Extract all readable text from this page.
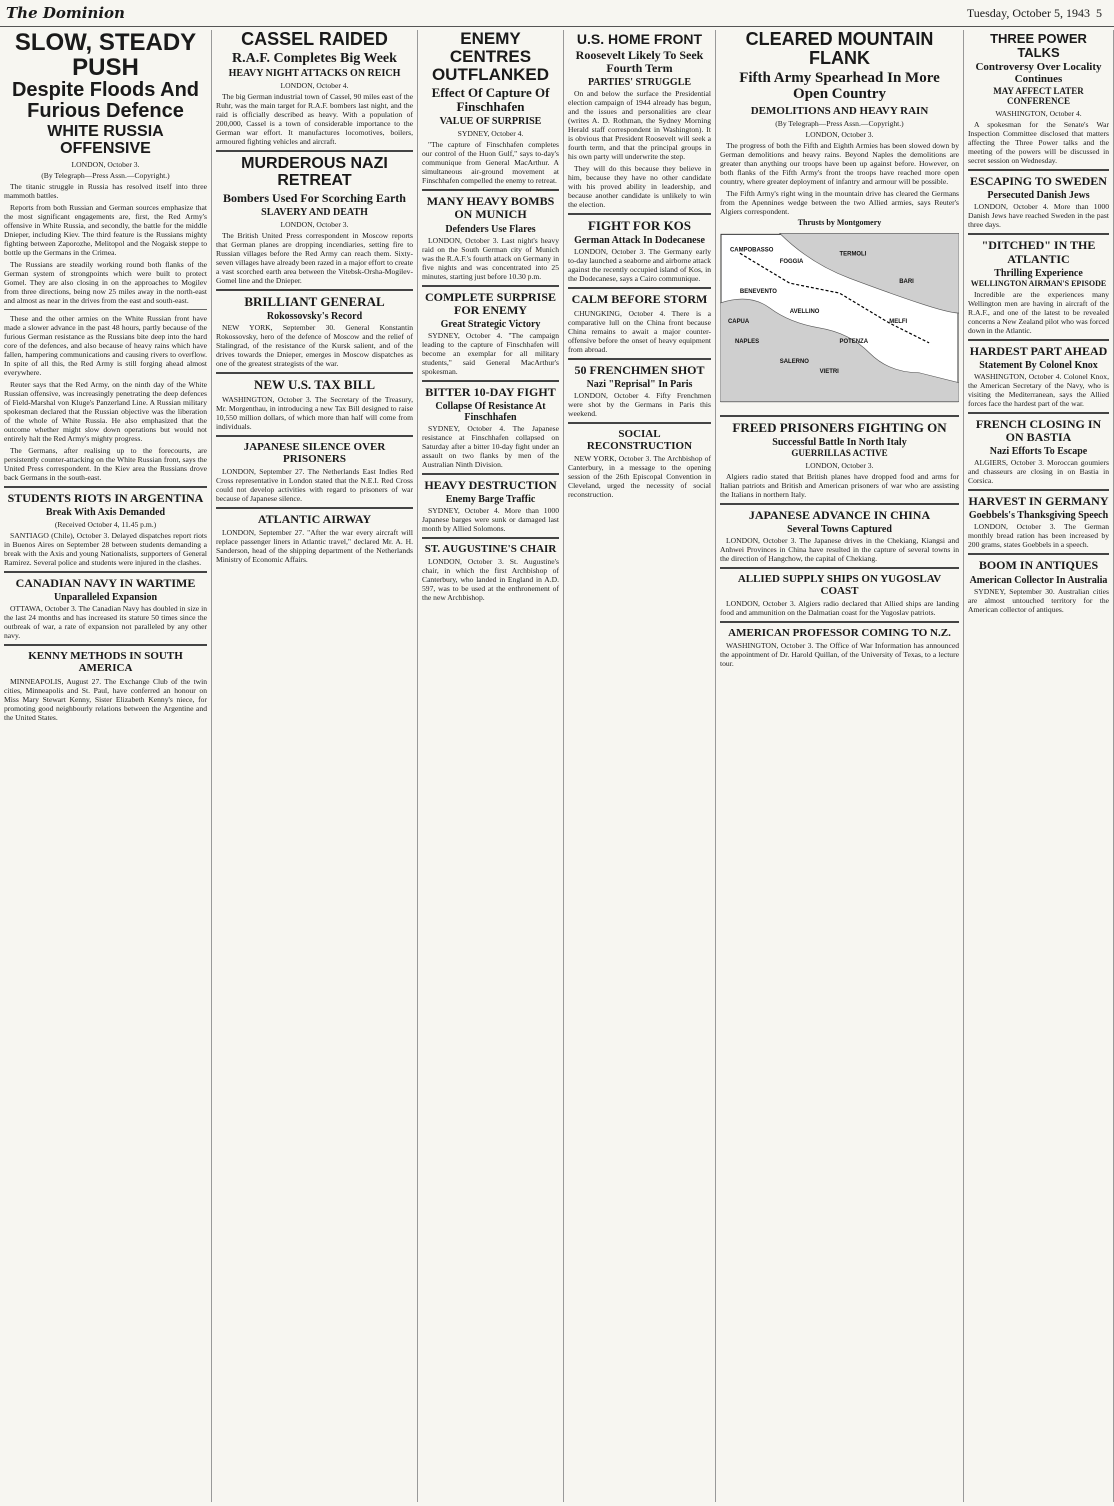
The Dominion	Tuesday, October 5, 1943 5
SLOW, STEADY PUSH
Despite Floods And Furious Defence
WHITE RUSSIA OFFENSIVE
LONDON, October 3.
(By Telegraph—Press Assn.—Copyright.)

The titanic struggle in Russia has resolved itself into three mammoth battles.

Reports from both Russian and German sources emphasize that the most significant engagements are, first, the Red Army's offensive in White Russia, and secondly, the battle for the middle Dnieper, including Kiev. The third feature is the Russians mighty fighting between Zaporozhe, Melitopol and the Nogaisk steppe to bottle up the Germans in the Crimea.

The Russians are steadily working round both flanks of the German system of strongpoints which were built to protect Gomel. They are also closing in on the approaches to Mogilev from three directions, being now 25 miles away in the north-east and almost as near in the drives from the east and south-east.

These and the other armies on the White Russian front have made a slower advance in the past 48 hours, partly because of the furious German resistance as the Russians bite deep into the hard core of the defences, and also because of heavy rains which have fallen, hampering communications and causing rivers to overflow. In spite of all this, the Red Army is still forging ahead almost everywhere.

Reuter says that the Red Army, on the ninth day of the White Russian offensive, was increasingly penetrating the deep defences of Field-Marshal von Kluge's Panzerland Line. A Russian military spokesman declared that the Russian objective was the liberation of the whole of White Russia. He also emphasized that the outcome whether might slow down operations but would not entirely halt the Red Army's mighty progress.

The Germans, after realising up to the forecourts, are persistently counter-attacking on the White Russian front, says the United Press correspondent. In the Kiev area the Russians drove back Germans in the south-east.

STUDENTS RIOTS IN ARGENTINA
Break With Axis Demanded
(Received October 4, 11.45 p.m.)

SANTIAGO (Chile), October 3. Delayed dispatches report riots in Buenos Aires on September 28 between students demanding a break with the Axis and young Nationalists, supporters of General Ramirez. Several police and students were injured in the clashes.

CANADIAN NAVY IN WARTIME
Unparalleled Expansion

OTTAWA, October 3. The Canadian Navy has doubled in size in the last 24 months and has increased its stature 50 times since the outbreak of war, a rate of expansion not paralleled by any other navy.

KENNY METHODS IN SOUTH AMERICA

MINNEAPOLIS, August 27. The Exchange Club of the twin cities, Minneapolis and St. Paul, have conferred an honour on Miss Mary Stewart Kenny, Sister Elizabeth Kenny's niece, for promoting good neighbourly relations between the Argentine and the United States.

CASSEL RAIDED
R.A.F. Completes Big Week
HEAVY NIGHT ATTACKS ON REICH
LONDON, October 4.

The big German industrial town of Cassel, 90 miles east of the Ruhr, was the main target for R.A.F. bombers last night, and the raid is officially described as heavy. With a population of 200,000, Cassel is a town of considerable importance to the German war effort. It manufactures locomotives, boilers, armoured fighting vehicles and aircraft.

MURDEROUS NAZI RETREAT
Bombers Used For Scorching Earth
SLAVERY AND DEATH
LONDON, October 3.

The British United Press correspondent in Moscow reports that German planes are dropping incendiaries, setting fire to Russian villages before the Red Army can reach them. Sixty-seven villages have already been razed in a major effort to create a vast scorched earth area between the Vitebsk-Orsha-Mogilev-Gomel line and the Dnieper.

BRILLIANT GENERAL
Rokossovsky's Record

NEW YORK, September 30. General Konstantin Rokossovsky, hero of the defence of Moscow and the relief of Stalingrad, of the resistance of the Kursk salient, and of the drives towards the Dnieper, emerges in Moscow dispatches as one of the greatest strategists of the war.

NEW U.S. TAX BILL

WASHINGTON, October 3. The Secretary of the Treasury, Mr. Morgenthau, in introducing a new Tax Bill designed to raise 10,550 million dollars, of which more than half will come from individuals.

JAPANESE SILENCE OVER PRISONERS

LONDON, September 27. The Netherlands East Indies Red Cross representative in London stated that the N.E.I. Red Cross could not develop activities with regard to prisoners of war because of Japanese silence.

ATLANTIC AIRWAY

LONDON, September 27. "After the war every aircraft will replace passenger liners in Atlantic travel," declared Mr. A. H. Sanderson, head of the shipping department of the Netherlands Ministry of Economic Affairs.

ENEMY CENTRES OUTFLANKED
Effect Of Capture Of Finschhafen
VALUE OF SURPRISE
SYDNEY, October 4.

"The capture of Finschhafen completes our control of the Huon Gulf," says to-day's communique from General MacArthur. A simultaneous air-ground movement at Finschhafen compelled the enemy to retreat.

MANY HEAVY BOMBS ON MUNICH
Defenders Use Flares

LONDON, October 3. Last night's heavy raid on the South German city of Munich was the R.A.F.'s fourth attack on Germany in five nights and was concentrated into 25 minutes, starting just before 10.30 p.m.

COMPLETE SURPRISE FOR ENEMY
Great Strategic Victory

SYDNEY, October 4. "The campaign leading to the capture of Finschhafen will become an exemplar for all military students," said General MacArthur's spokesman.

BITTER 10-DAY FIGHT
Collapse Of Resistance At Finschhafen

SYDNEY, October 4. The Japanese resistance at Finschhafen collapsed on Saturday after a bitter 10-day fight under an assault on two flanks by men of the Australian Ninth Division.

HEAVY DESTRUCTION
Enemy Barge Traffic

SYDNEY, October 4. More than 1000 Japanese barges were sunk or damaged last month by Allied Solomons.

ST. AUGUSTINE'S CHAIR

LONDON, October 3. St. Augustine's chair, in which the first Archbishop of Canterbury, who landed in England in A.D. 597, was to be used at the enthronement of the new Archbishop.

U.S. HOME FRONT
Roosevelt Likely To Seek Fourth Term
PARTIES' STRUGGLE

On and below the surface the Presidential election campaign of 1944 already has begun, and the issues and personalities are clear (writes A. D. Rothman, the Sydney Morning Herald staff correspondent in Washington). It is obvious that President Roosevelt will seek a fourth term, and that the principal groups in his own party will underwrite the step.

They will do this because they believe in him, because they have no other candidate with his proved ability in leadership, and because another candidate is unlikely to win the election.

FIGHT FOR KOS
German Attack In Dodecanese

LONDON, October 3. The Germany early to-day launched a seaborne and airborne attack against the recently occupied island of Kos, in the Dodecanese, says a Cairo communique.

CALM BEFORE STORM

CHUNGKING, October 4. There is a comparative lull on the China front because China remains to await a major counter-offensive before the onset of heavy equipment from abroad.

50 FRENCHMEN SHOT
Nazi "Reprisal" In Paris

LONDON, October 4. Fifty Frenchmen were shot by the Germans in Paris this weekend.

SOCIAL RECONSTRUCTION

NEW YORK, October 3. The Archbishop of Canterbury, in a message to the opening session of the 26th Episcopal Convention in Cleveland, urged the necessity of social reconstruction.

CLEARED MOUNTAIN FLANK
Fifth Army Spearhead In More Open Country
DEMOLITIONS AND HEAVY RAIN
(By Telegraph—Press Assn.—Copyright.)
LONDON, October 3.

The progress of both the Fifth and Eighth Armies has been slowed down by German demolitions and heavy rains. Beyond Naples the demolitions are greater than anything our troops have been up against before. However, on both flanks of the Fifth Army's front the troops have reached more open country, where greater deployment of infantry and armour will be possible.

The Fifth Army's right wing in the mountain drive has cleared the Germans from the Apennines wedge between the two Allied armies, says Reuter's Algiers correspondent.

Thrusts by Montgomery
CAMPOBASSO
FOGGIA
TERMOLI
BENEVENTO
AVELLINO
NAPLES
SALERNO
POTENZA
BARI
CAPUA
VIETRI
MELFI
FREED PRISONERS FIGHTING ON
Successful Battle In North Italy
GUERRILLAS ACTIVE
LONDON, October 3.

Algiers radio stated that British planes have dropped food and arms for Italian patriots and British and American prisoners of war who are assisting the Italians in northern Italy.

JAPANESE ADVANCE IN CHINA
Several Towns Captured

LONDON, October 3. The Japanese drives in the Chekiang, Kiangsi and Anhwei Provinces in China have resulted in the capture of several towns in the direction of Hangchow, the capital of Chekiang.

ALLIED SUPPLY SHIPS ON YUGOSLAV COAST

LONDON, October 3. Algiers radio declared that Allied ships are landing food and ammunition on the Dalmatian coast for the Yugoslav patriots.

AMERICAN PROFESSOR COMING TO N.Z.

WASHINGTON, October 3. The Office of War Information has announced the appointment of Dr. Harold Quillan, of the University of Texas, to a lecture tour.

THREE POWER TALKS
Controversy Over Locality Continues
MAY AFFECT LATER CONFERENCE
WASHINGTON, October 4.

A spokesman for the Senate's War Inspection Committee disclosed that matters affecting the Three Power talks and the meeting of the powers will be discussed in secret session on Wednesday.

ESCAPING TO SWEDEN
Persecuted Danish Jews

LONDON, October 4. More than 1000 Danish Jews have reached Sweden in the past three days.

"DITCHED" IN THE ATLANTIC
Thrilling Experience
WELLINGTON AIRMAN'S EPISODE

Incredible are the experiences many Wellington men are having in aircraft of the R.A.F., and one of the latest to be revealed concerns a New Zealand pilot who was forced down in the Atlantic.

HARDEST PART AHEAD
Statement By Colonel Knox

WASHINGTON, October 4. Colonel Knox, the American Secretary of the Navy, who is visiting the Mediterranean, says the Allied forces face the hardest part of the war.

FRENCH CLOSING IN ON BASTIA
Nazi Efforts To Escape

ALGIERS, October 3. Moroccan goumiers and chasseurs are closing in on Bastia in Corsica.

HARVEST IN GERMANY
Goebbels's Thanksgiving Speech

LONDON, October 3. The German monthly bread ration has been increased by 200 grams, states Goebbels in a speech.

BOOM IN ANTIQUES
American Collector In Australia

SYDNEY, September 30. Australian cities are almost untouched territory for the American collector of antiques.
